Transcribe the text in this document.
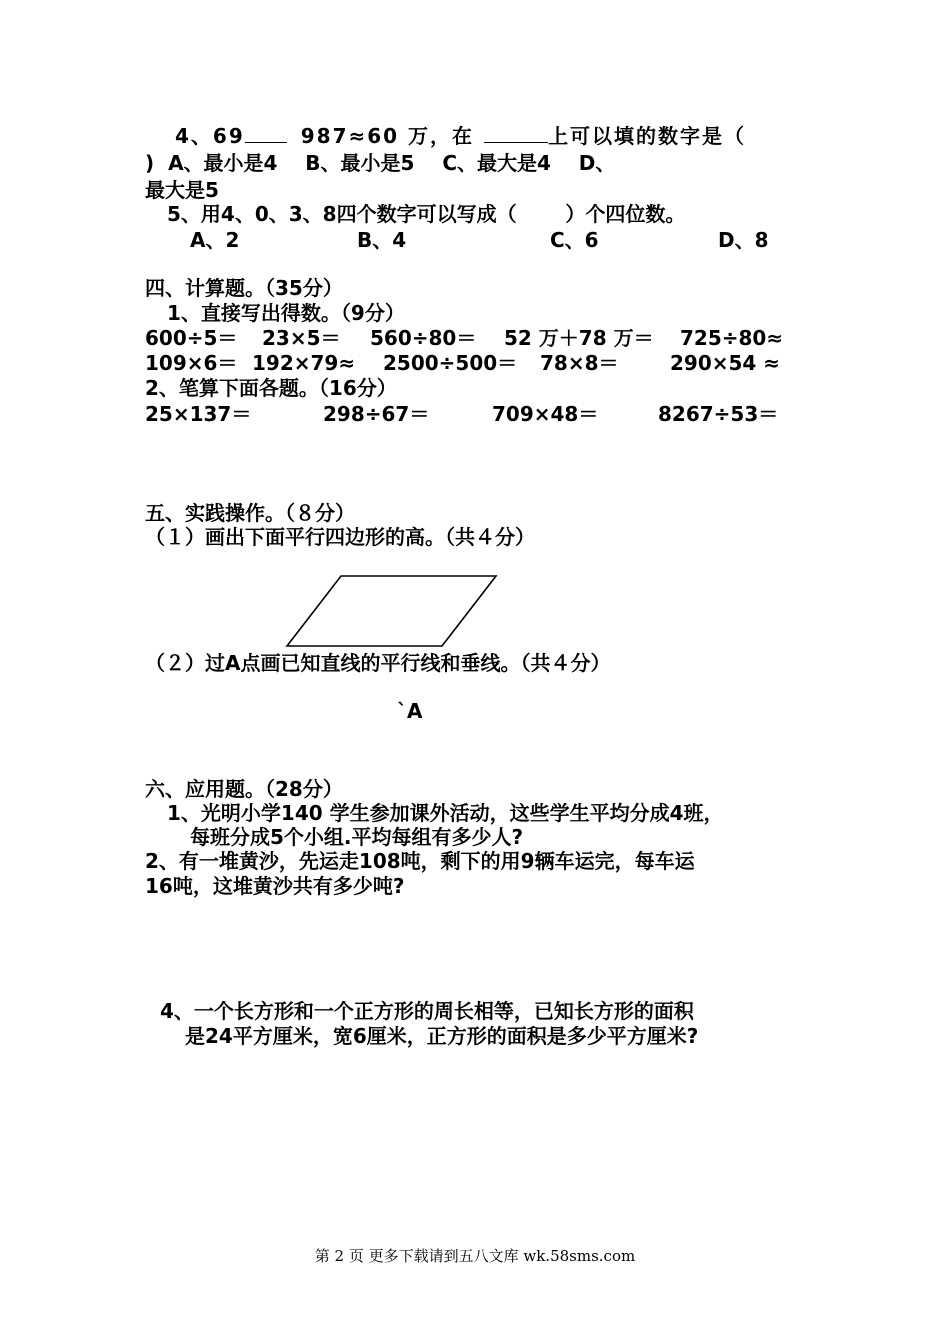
4、69	987≈60 万，在	上可以填的数字是（
)  A、最小是4    B、最小是5    C、最大是4    D、
最大是5
5、用4、0、3、8四个数字可以写成（       ）个四位数。
A、2	B、4	C、6	D、8
四、计算题。（35分）
1、直接写出得数。（9分）
600÷5＝ 23×5＝ 560÷80＝ 52 万＋78 万＝ 725÷80≈
109×6＝ 192×79≈ 2500÷500＝ 78×8＝	290×54 ≈
2、笔算下面各题。（16分）
25×137＝	298÷67＝	709×48＝	8267÷53＝
五、实践操作。（８分）
（１）画出下面平行四边形的高。（共４分）
（２）过A点画已知直线的平行线和垂线。（共４分）
`A
六、应用题。（28分）
1、光明小学140 学生参加课外活动，这些学生平均分成4班，
每班分成5个小组.平均每组有多少人?
2、有一堆黄沙，先运走108吨，剩下的用9辆车运完，每车运
16吨，这堆黄沙共有多少吨?
4、一个长方形和一个正方形的周长相等，已知长方形的面积
是24平方厘米，宽6厘米，正方形的面积是多少平方厘米?
第 2 页 更多下载请到五八文库 wk.58sms.com
